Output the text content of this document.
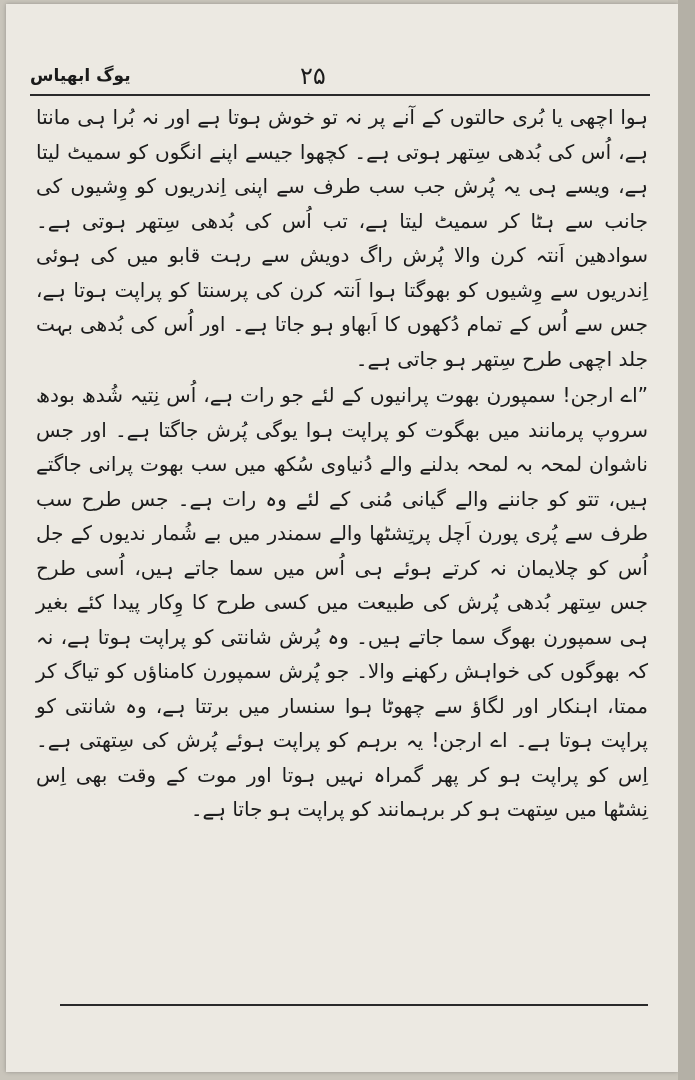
یوگ ابھیاس	۲۵

ہوا اچھی یا بُری حالتوں کے آنے پر نہ تو خوش ہوتا ہے اور نہ بُرا ہی مانتا ہے، اُس کی بُدھی سِتھر ہوتی ہے۔ کچھوا جیسے اپنے انگوں کو سمیٹ لیتا ہے، ویسے ہی یہ پُرش جب سب طرف سے اپنی اِندریوں کو وِشیوں کی جانب سے ہٹا کر سمیٹ لیتا ہے، تب اُس کی بُدھی سِتھر ہوتی ہے۔ سوادھین اَنتہ کرن والا پُرش راگ دویش سے رہت قابو میں کی ہوئی اِندریوں سے وِشیوں کو بھوگتا ہوا اَنتہ کرن کی پرسنتا کو پراپت ہوتا ہے، جس سے اُس کے تمام دُکھوں کا اَبھاو ہو جاتا ہے۔ اور اُس کی بُدھی بہت جلد اچھی طرح سِتھر ہو جاتی ہے۔

”اے ارجن! سمپورن بھوت پرانیوں کے لئے جو رات ہے، اُس نِتیہ شُدھ بودھ سروپ پرمانند میں بھگوت کو پراپت ہوا یوگی پُرش جاگتا ہے۔ اور جس ناشوان لمحہ بہ لمحہ بدلنے والے دُنیاوی سُکھ میں سب بھوت پرانی جاگتے ہیں، تتو کو جاننے والے گیانی مُنی کے لئے وہ رات ہے۔ جس طرح سب طرف سے پُری پورن اَچل پرتِشٹھا والے سمندر میں بے شُمار ندیوں کے جل اُس کو چلایمان نہ کرتے ہوئے ہی اُس میں سما جاتے ہیں، اُسی طرح جس سِتھر بُدھی پُرش کی طبیعت میں کسی طرح کا وِکار پیدا کئے بغیر ہی سمپورن بھوگ سما جاتے ہیں۔ وہ پُرش شانتی کو پراپت ہوتا ہے، نہ کہ بھوگوں کی خواہش رکھنے والا۔ جو پُرش سمپورن کامناؤں کو تیاگ کر ممتا، اہنکار اور لگاؤ سے چھوٹا ہوا سنسار میں برتتا ہے، وہ شانتی کو پراپت ہوتا ہے۔ اے ارجن! یہ برہم کو پراپت ہوئے پُرش کی سِتھتی ہے۔ اِس کو پراپت ہو کر پھر گمراہ نہیں ہوتا اور موت کے وقت بھی اِس نِشٹھا میں سِتھت ہو کر برہمانند کو پراپت ہو جاتا ہے۔
